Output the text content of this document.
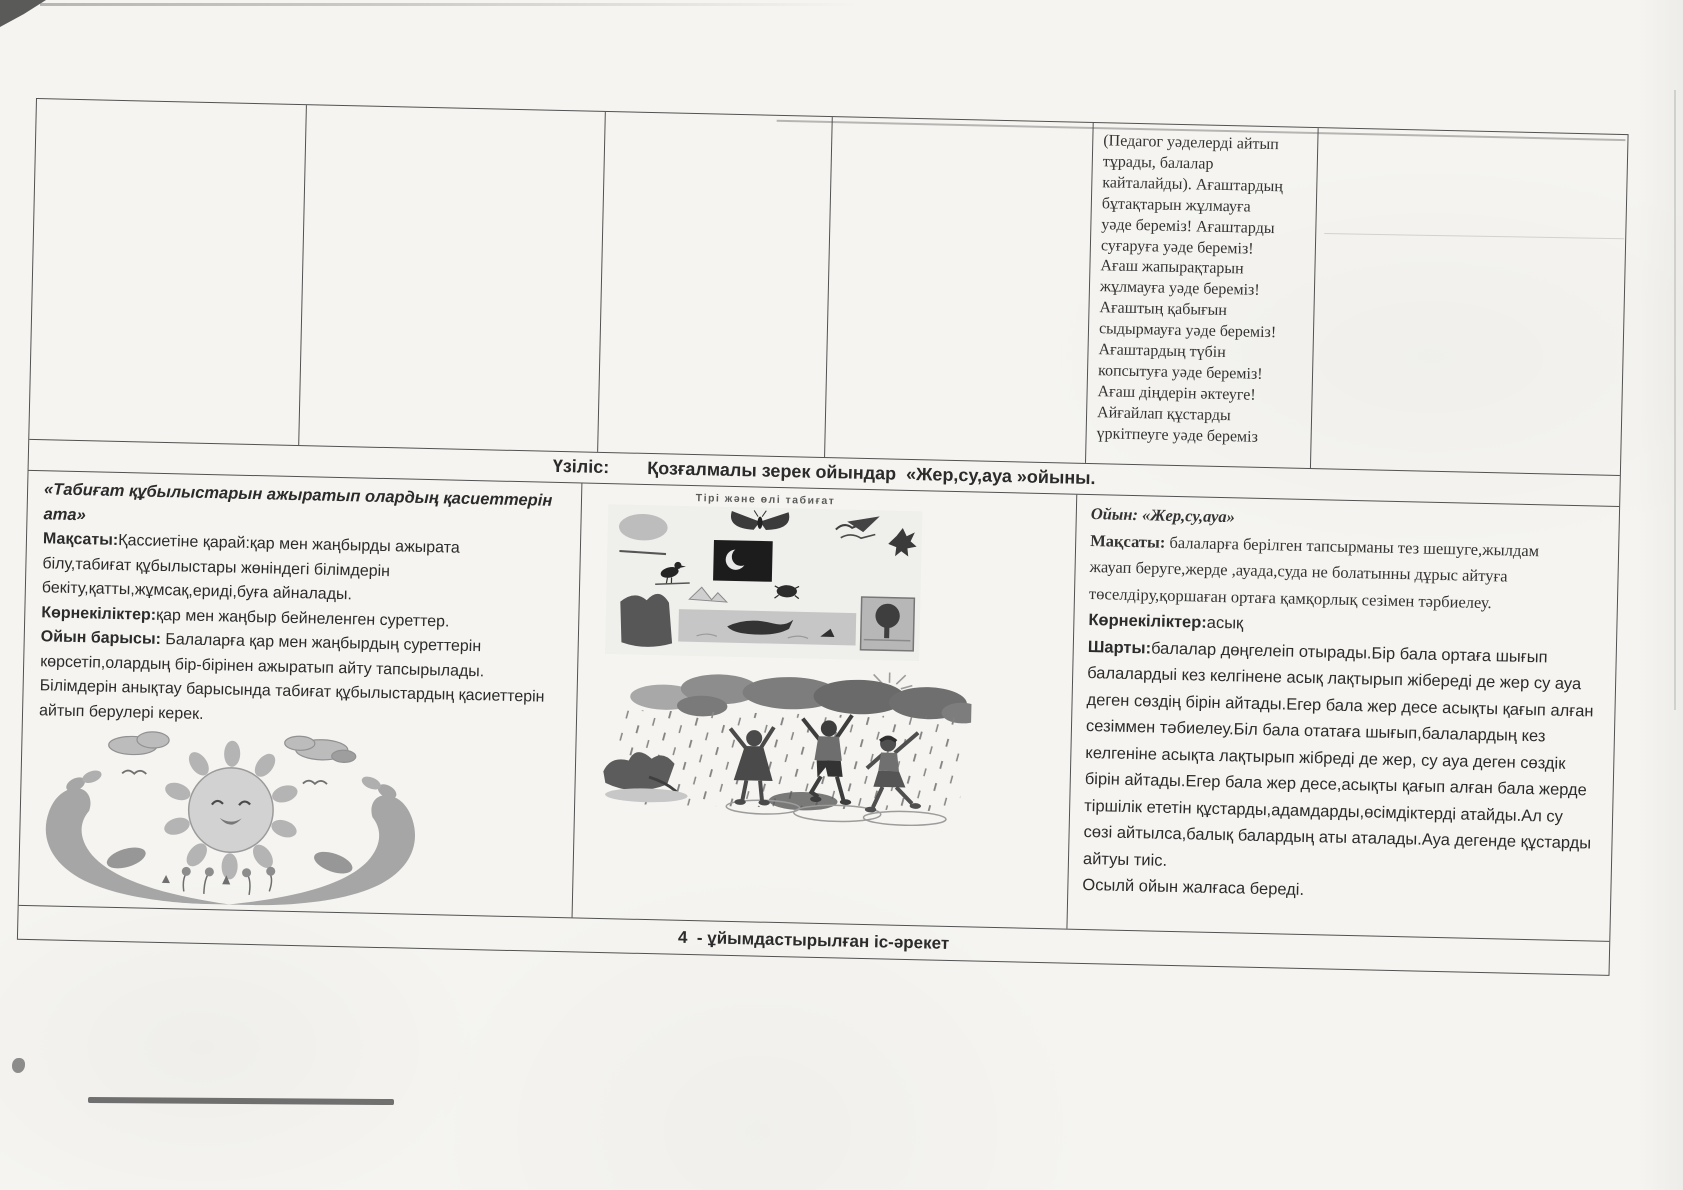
(Педагог уәделерді айтып
тұрады, балалар
кайталайды). Ағаштардың
бұтақтарын жұлмауға
уәде береміз! Ағаштарды
суғаруға уәде береміз!
Ағаш жапырақтарын
жұлмауға уәде береміз!
Ағаштың қабығын
сыдырмауға уәде береміз!
Ағаштардың түбін
копсытуға уәде береміз!
Ағаш діңдерін әктеуге!
Айғайлап құстарды
үркітпеуге уәде береміз
Үзіліс: Қозғалмалы зерек ойындар  «Жер,су,ауа »ойыны.
«Табиғат құбылыстарын ажыратып олардың қасиеттерін
ата»
Мақсаты:Қассиетіне қарай:қар мен жаңбырды ажырата
білу,табиғат құбылыстары жөніндегі білімдерін
бекіту,қатты,жұмсақ,ериді,буға айналады.
Көрнекіліктер:қар мен жаңбыр бейнеленген суреттер.
Ойын барысы: Балаларға қар мен жаңбырдың суреттерін
көрсетіп,олардың бір-бірінен ажыратып айту тапсырылады.
Білімдерін анықтау барысында табиғат құбылыстардың қасиеттерін
айтып берулері керек.
Тірі және өлі табиғат
Ойын: «Жер,су,ауа»
Мақсаты: балаларға берілген тапсырманы тез шешуге,жылдам
жауап беруге,жерде ,ауада,суда не болатынны дұрыс айтуға
төселдіру,қоршаған ортаға қамқорлық сезімен тәрбиелеу.
Көрнекіліктер:асық
Шарты:балалар дөңгелеіп отырады.Бір бала ортаға шығып
балалардыі кез келгінене асық лақтырып жібереді де жер су ауа
деген сөздің бірін айтады.Егер бала жер десе асықты қағып алған
сезіммен тәбиелеу.Біл бала отатаға шығып,балалардың кез
келгеніне асықта лақтырып жібреді де жер, су ауа деген сөздік
бірін айтады.Егер бала жер десе,асықты қағып алған бала жерде
тіршілік ететін құстарды,адамдарды,өсімдіктерді атайды.Ал су
сөзі айтылса,балық балардың аты аталады.Ауа дегенде құстарды
айтуы тиіс.
Осылй ойын жалғаса береді.
4  - ұйымдастырылған іс-әрекет
